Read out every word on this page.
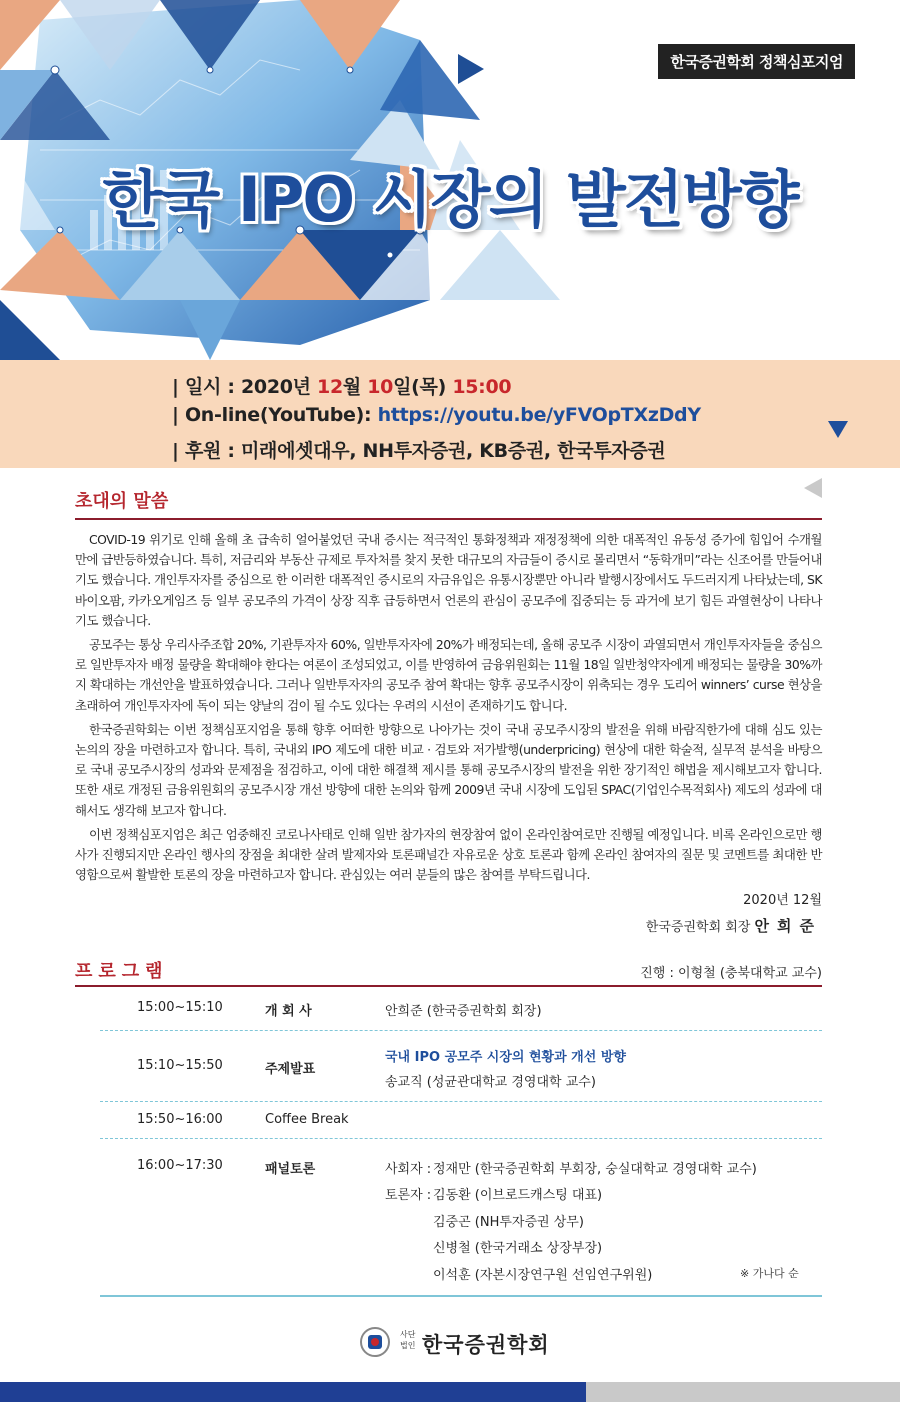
한국증권학회 정책심포지엄
한국 IPO 시장의 발전방향
| 일시 : 2020년 12월 10일(목) 15:00
| On-line(YouTube): https://youtu.be/yFVOpTXzDdY
| 후원 : 미래에셋대우, NH투자증권, KB증권, 한국투자증권
초대의 말씀

COVID-19 위기로 인해 올해 초 급속히 얼어붙었던 국내 증시는 적극적인 통화정책과 재정정책에 의한 대폭적인 유동성 증가에 힘입어 수개월 만에 급반등하였습니다. 특히, 저금리와 부동산 규제로 투자처를 찾지 못한 대규모의 자금들이 증시로 몰리면서 “동학개미”라는 신조어를 만들어내기도 했습니다. 개인투자자를 중심으로 한 이러한 대폭적인 증시로의 자금유입은 유통시장뿐만 아니라 발행시장에서도 두드러지게 나타났는데, SK바이오팜, 카카오게임즈 등 일부 공모주의 가격이 상장 직후 급등하면서 언론의 관심이 공모주에 집중되는 등 과거에 보기 힘든 과열현상이 나타나기도 했습니다.

공모주는 통상 우리사주조합 20%, 기관투자자 60%, 일반투자자에 20%가 배정되는데, 올해 공모주 시장이 과열되면서 개인투자자들을 중심으로 일반투자자 배정 물량을 확대해야 한다는 여론이 조성되었고, 이를 반영하여 금융위원회는 11월 18일 일반청약자에게 배정되는 물량을 30%까지 확대하는 개선안을 발표하였습니다. 그러나 일반투자자의 공모주 참여 확대는 향후 공모주시장이 위축되는 경우 도리어 winners’ curse 현상을 초래하여 개인투자자에 독이 되는 양날의 검이 될 수도 있다는 우려의 시선이 존재하기도 합니다.

한국증권학회는 이번 정책심포지엄을 통해 향후 어떠한 방향으로 나아가는 것이 국내 공모주시장의 발전을 위해 바람직한가에 대해 심도 있는 논의의 장을 마련하고자 합니다. 특히, 국내외 IPO 제도에 대한 비교 · 검토와 저가발행(underpricing) 현상에 대한 학술적, 실무적 분석을 바탕으로 국내 공모주시장의 성과와 문제점을 점검하고, 이에 대한 해결책 제시를 통해 공모주시장의 발전을 위한 장기적인 해법을 제시해보고자 합니다. 또한 새로 개정된 금융위원회의 공모주시장 개선 방향에 대한 논의와 함께 2009년 국내 시장에 도입된 SPAC(기업인수목적회사) 제도의 성과에 대해서도 생각해 보고자 합니다.

이번 정책심포지엄은 최근 엄중해진 코로나사태로 인해 일반 참가자의 현장참여 없이 온라인참여로만 진행될 예정입니다. 비록 온라인으로만 행사가 진행되지만 온라인 행사의 장점을 최대한 살려 발제자와 토론패널간 자유로운 상호 토론과 함께 온라인 참여자의 질문 및 코멘트를 최대한 반영함으로써 활발한 토론의 장을 마련하고자 합니다. 관심있는 여러 분들의 많은 참여를 부탁드립니다.

2020년 12월
한국증권학회 회장 안희준
프로그램	진행 : 이형철 (충북대학교 교수)
15:00~15:10	개 회 사	안희준 (한국증권학회 회장)
15:10~15:50	주제발표
국내 IPO 공모주 시장의 현황과 개선 방향
송교직 (성균관대학교 경영대학 교수)
15:50~16:00	Coffee Break
16:00~17:30	패널토론	사회자 : 정재만 (한국증권학회 부회장, 숭실대학교 경영대학 교수)
토론자 : 김동환 (이브로드캐스팅 대표)
김중곤 (NH투자증권 상무)
신병철 (한국거래소 상장부장)
이석훈 (자본시장연구원 선임연구위원)	※ 가나다 순
사단
법인 한국증권학회
